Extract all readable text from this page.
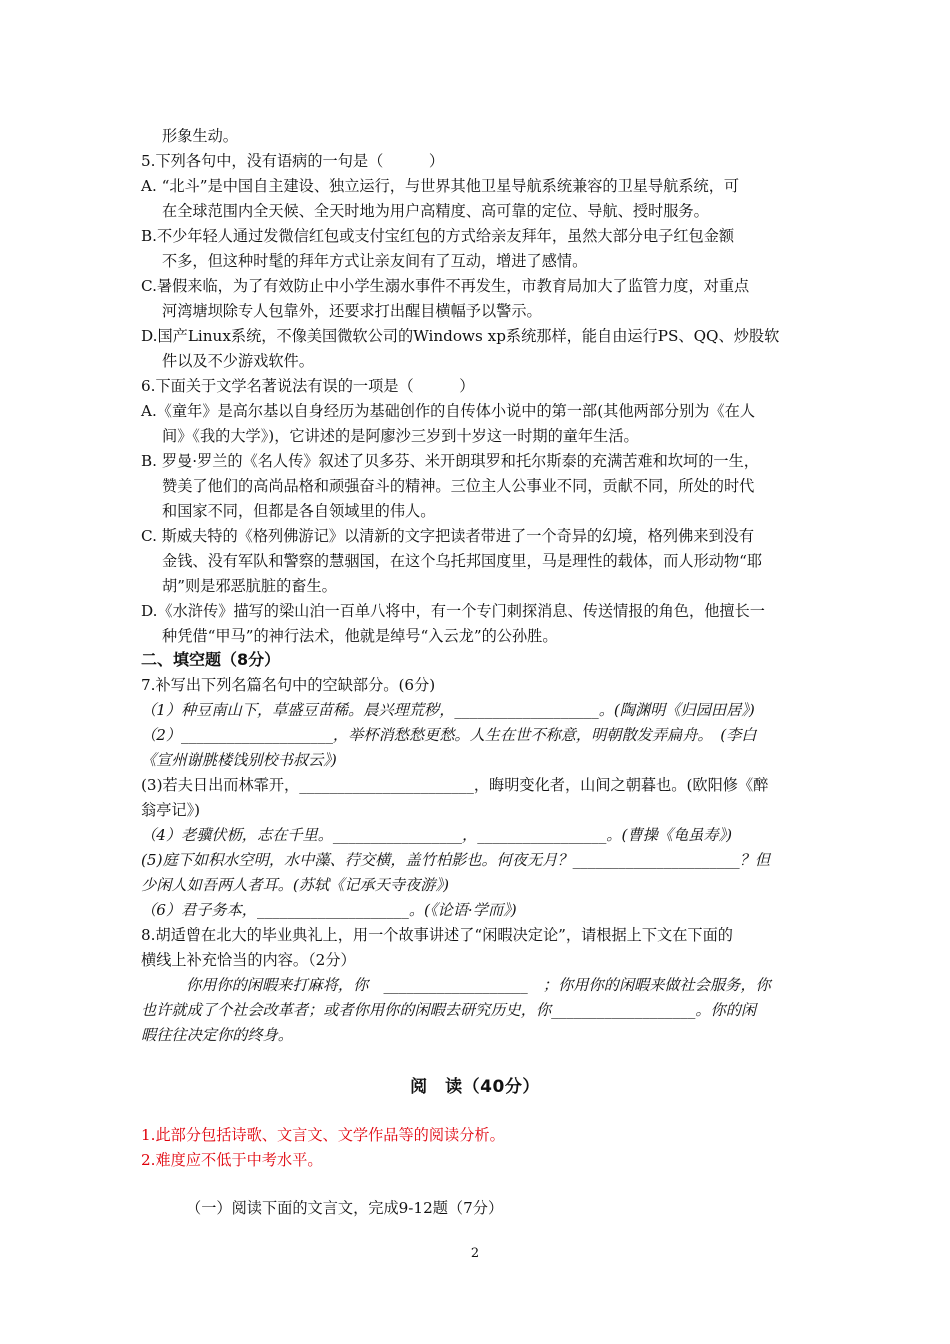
形象生动。
5.下列各句中，没有语病的一句是（　　　）
A. “北斗”是中国自主建设、独立运行，与世界其他卫星导航系统兼容的卫星导航系统，可
在全球范围内全天候、全天时地为用户高精度、高可靠的定位、导航、授时服务。
B.不少年轻人通过发微信红包或支付宝红包的方式给亲友拜年，虽然大部分电子红包金额
不多，但这种时髦的拜年方式让亲友间有了互动，增进了感情。
C.暑假来临，为了有效防止中小学生溺水事件不再发生，市教育局加大了监管力度，对重点
河湾塘坝除专人包靠外，还要求打出醒目横幅予以警示。
D.国产Linux系统，不像美国微软公司的Windows xp系统那样，能自由运行PS、QQ、炒股软
件以及不少游戏软件。
6.下面关于文学名著说法有误的一项是（　　　）
A.《童年》是高尔基以自身经历为基础创作的自传体小说中的第一部(其他两部分别为《在人
间》《我的大学》)，它讲述的是阿廖沙三岁到十岁这一时期的童年生活。
B. 罗曼·罗兰的《名人传》叙述了贝多芬、米开朗琪罗和托尔斯泰的充满苦难和坎坷的一生，
赞美了他们的高尚品格和顽强奋斗的精神。三位主人公事业不同，贡献不同，所处的时代
和国家不同，但都是各自领域里的伟人。
C. 斯威夫特的《格列佛游记》以清新的文字把读者带进了一个奇异的幻境，格列佛来到没有
金钱、没有军队和警察的慧骃国，在这个乌托邦国度里，马是理性的载体，而人形动物“耶
胡”则是邪恶肮脏的畜生。
D.《水浒传》描写的梁山泊一百单八将中，有一个专门刺探消息、传送情报的角色，他擅长一
种凭借“甲马”的神行法术，他就是绰号“入云龙”的公孙胜。
二、填空题（8分）
7.补写出下列名篇名句中的空缺部分。(6分)
（1）种豆南山下，草盛豆苗稀。晨兴理荒秽，___________________。(陶渊明《归园田居》)
（2）____________________，举杯消愁愁更愁。人生在世不称意，明朝散发弄扁舟。　(李白
《宣州谢朓楼饯别校书叔云》)
(3)若夫日出而林霏开，_______________________，晦明变化者，山间之朝暮也。(欧阳修《醉
翁亭记》)
（4）老骥伏枥，志在千里。_________________，_________________。(曹操《龟虽寿》)
(5)庭下如积水空明，水中藻、荇交横，盖竹柏影也。何夜无月？______________________？但
少闲人如吾两人者耳。(苏轼《记承天寺夜游》)
（6）君子务本，____________________。(《论语·学而》)
8.胡适曾在北大的毕业典礼上，用一个故事讲述了“闲暇决定论”，请根据上下文在下面的
横线上补充恰当的内容。（2分）
你用你的闲暇来打麻将，你　___________________　；你用你的闲暇来做社会服务，你
也许就成了个社会改革者；或者你用你的闲暇去研究历史，你___________________。你的闲
暇往往决定你的终身。
阅　读（40分）
1.此部分包括诗歌、文言文、文学作品等的阅读分析。
2.难度应不低于中考水平。
（一）阅读下面的文言文，完成9-12题（7分）
2
